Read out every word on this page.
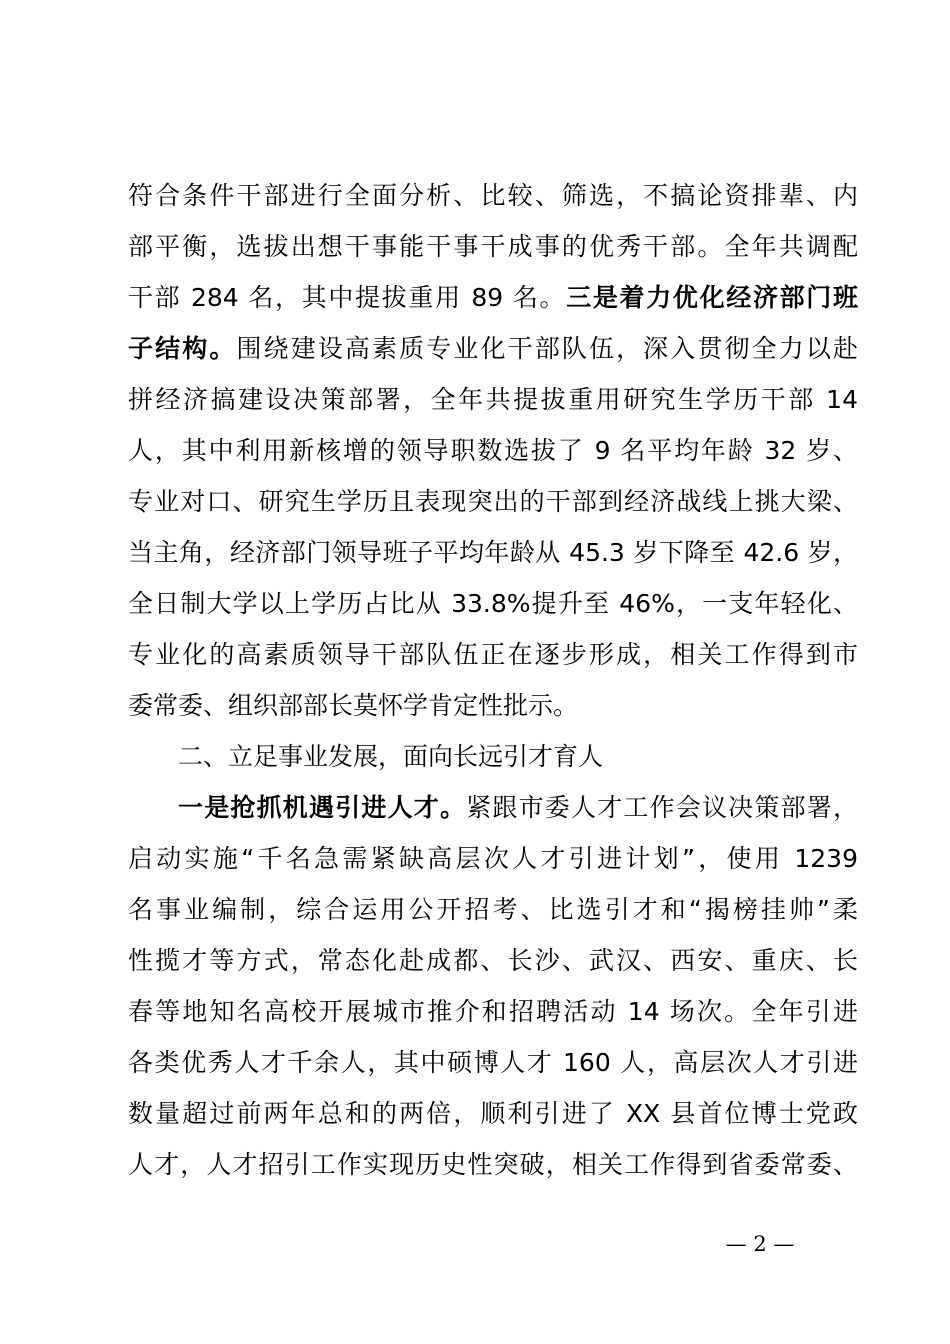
符合条件干部进行全面分析、比较、筛选，不搞论资排辈、内
部平衡，选拔出想干事能干事干成事的优秀干部。全年共调配
干部 284 名，其中提拔重用 89 名。三是着力优化经济部门班
子结构。围绕建设高素质专业化干部队伍，深入贯彻全力以赴
拼经济搞建设决策部署，全年共提拔重用研究生学历干部 14
人，其中利用新核增的领导职数选拔了 9 名平均年龄 32 岁、
专业对口、研究生学历且表现突出的干部到经济战线上挑大梁、
当主角，经济部门领导班子平均年龄从 45.3 岁下降至 42.6 岁，
全日制大学以上学历占比从 33.8%提升至 46%，一支年轻化、
专业化的高素质领导干部队伍正在逐步形成，相关工作得到市
委常委、组织部部长莫怀学肯定性批示。
二、立足事业发展，面向长远引才育人
一是抢抓机遇引进人才。紧跟市委人才工作会议决策部署，
启动实施“千名急需紧缺高层次人才引进计划”，使用 1239
名事业编制，综合运用公开招考、比选引才和“揭榜挂帅”柔
性揽才等方式，常态化赴成都、长沙、武汉、西安、重庆、长
春等地知名高校开展城市推介和招聘活动 14 场次。全年引进
各类优秀人才千余人，其中硕博人才 160 人，高层次人才引进
数量超过前两年总和的两倍，顺利引进了 XX 县首位博士党政
人才，人才招引工作实现历史性突破，相关工作得到省委常委、
— 2 —
